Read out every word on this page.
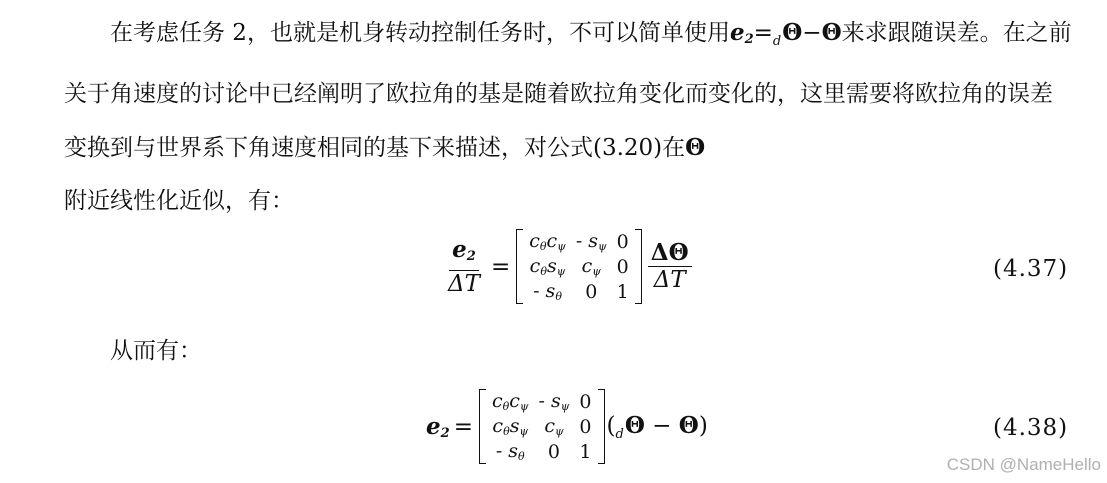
在考虑任务 2，也就是机身转动控制任务时，不可以简单使用$e_2=_d\Theta-\Theta$来求跟随误差。在之前关于角速度的讨论中已经阐明了欧拉角的基是随着欧拉角变化而变化的，这里需要将欧拉角的误差变换到与世界系下角速度相同的基下来描述，对公式(3.20)在Θ
附近线性化近似，有：

$\frac{e_2}{\Delta T}$ =
cθcψ	- sψ	0
cθsψ	cψ	0
- sθ	0	$1 \frac{\Delta\Theta}{\Delta T}$	(4.37)

从而有：

$e_2$ =
cθcψ	- sψ	0
cθsψ	cψ	0
- sθ	0	1
$(_d\Theta - \Theta)$	(4.38)
CSDN @NameHello
